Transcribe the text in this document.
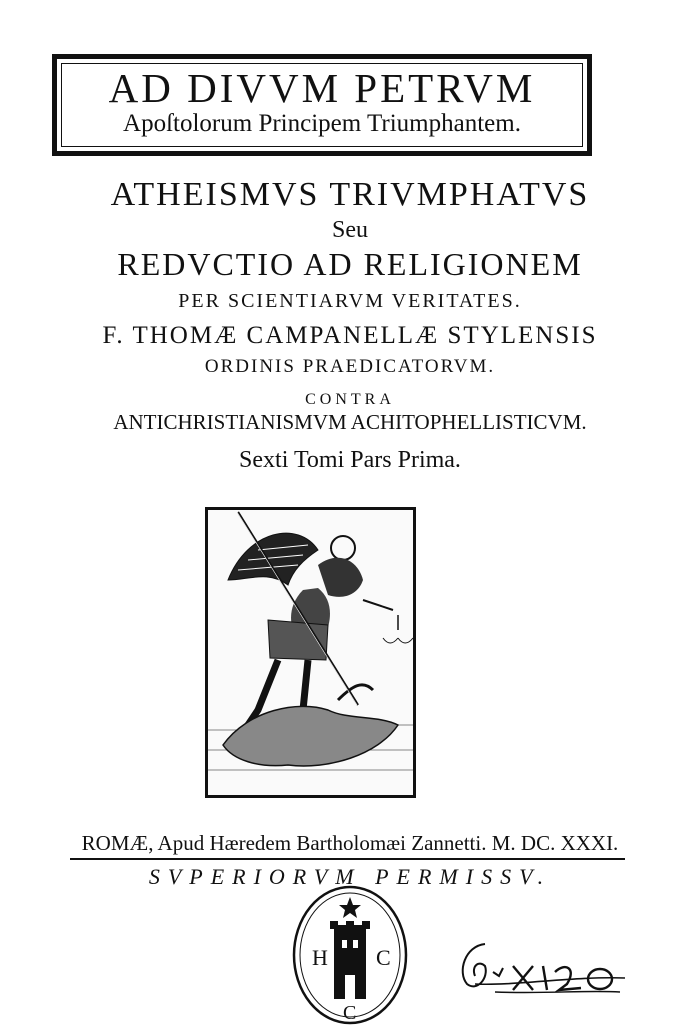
AD DIVVM PETRVM
Apoſtolorum Principem Triumphantem.
ATHEISMVS TRIVMPHATVS
Seu
REDVCTIO AD RELIGIONEM
PER SCIENTIARVM VERITATES.
F. THOMÆ CAMPANELLÆ STYLENSIS
ORDINIS PRAEDICATORVM.
CONTRA
ANTICHRISTIANISMVM ACHITOPHELLISTICVM.
Sexti Tomi Pars Prima.
ROMÆ, Apud Hæredem Bartholomæi Zannetti. M. DC. XXXI.
SVPERIORVM PERMISSV.
H C
C
